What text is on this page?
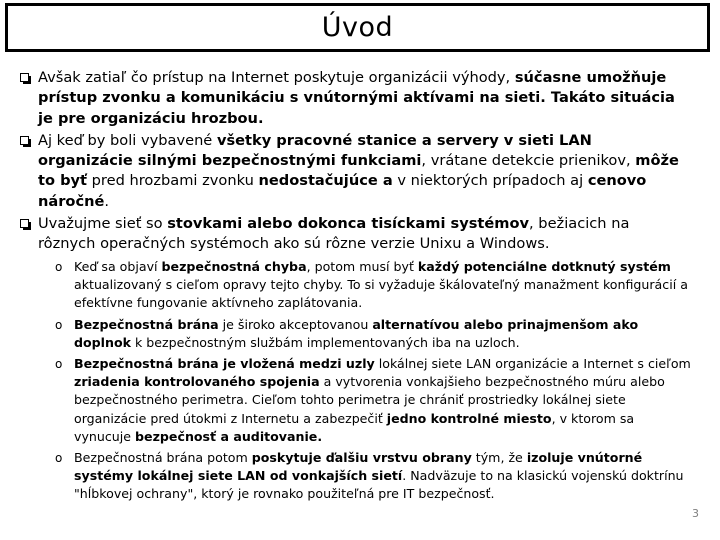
Úvod

Avšak zatiaľ čo prístup na Internet poskytuje organizácii výhody, súčasne umožňuje prístup zvonku a komunikáciu s vnútornými aktívami na sieti. Takáto situácia je pre organizáciu hrozbou.

Aj keď by boli vybavené všetky pracovné stanice a servery v sieti LAN organizácie silnými bezpečnostnými funkciami, vrátane detekcie prienikov, môže to byť pred hrozbami zvonku nedostačujúce a v niektorých prípadoch aj cenovo náročné.

Uvažujme sieť so stovkami alebo dokonca tisíckami systémov, bežiacich na rôznych operačných systémoch ako sú rôzne verzie Unixu a Windows.

o Keď sa objaví bezpečnostná chyba, potom musí byť každý potenciálne dotknutý systém aktualizovaný s cieľom opravy tejto chyby. To si vyžaduje škálovateľný manažment konfigurácií a efektívne fungovanie aktívneho zaplátovania.

o Bezpečnostná brána je široko akceptovanou alternatívou alebo prinajmenšom ako doplnok k bezpečnostným službám implementovaných iba na uzloch.

o Bezpečnostná brána je vložená medzi uzly lokálnej siete LAN organizácie a Internet s cieľom zriadenia kontrolovaného spojenia a vytvorenia vonkajšieho bezpečnostného múru alebo bezpečnostného perimetra. Cieľom tohto perimetra je chrániť prostriedky lokálnej siete organizácie pred útokmi z Internetu a zabezpečiť jedno kontrolné miesto, v ktorom sa vynucuje bezpečnosť a auditovanie.

o Bezpečnostná brána potom poskytuje ďalšiu vrstvu obrany tým, že izoluje vnútorné systémy lokálnej siete LAN od vonkajších sietí. Nadväzuje to na klasickú vojenskú doktrínu "hĺbkovej ochrany", ktorý je rovnako použiteľná pre IT bezpečnosť.

3
